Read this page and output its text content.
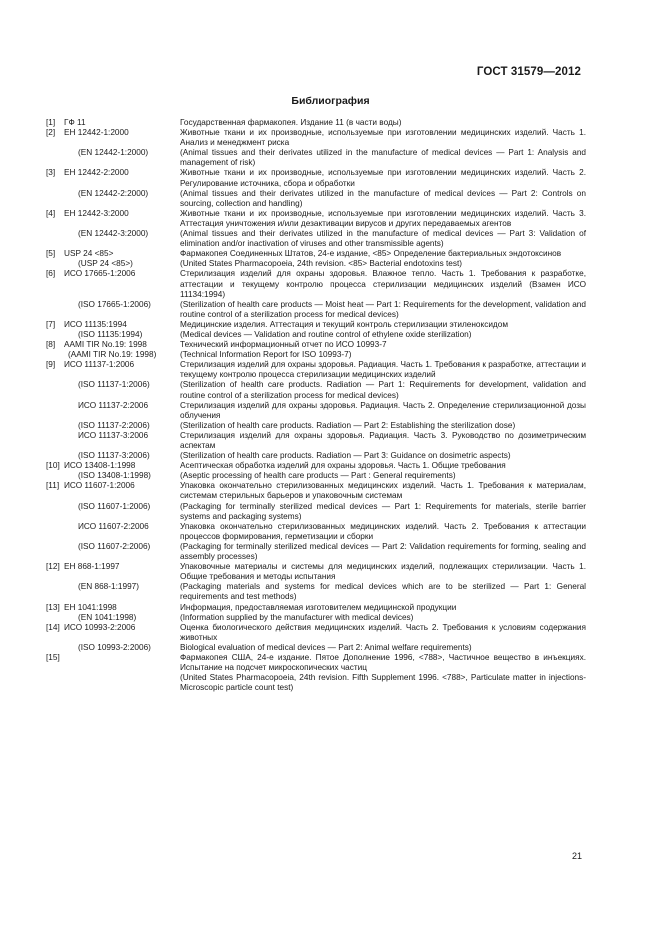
ГОСТ 31579—2012
Библиография
[1]	ГФ 11	Государственная фармакопея. Издание 11 (в части воды)
[2]	ЕН 12442-1:2000	Животные ткани и их производные, используемые при изготовлении медицинских изделий. Часть 1. Анализ и менеджмент риска
(EN 12442-1:2000)	(Animal tissues and their derivates utilized in the manufacture of medical devices — Part 1: Analysis and management of risk)
[3]	ЕН 12442-2:2000	Животные ткани и их производные, используемые при изготовлении медицинских изделий. Часть 2. Регулирование источника, сбора и обработки
(EN 12442-2:2000)	(Animal tissues and their derivates utilized in the manufacture of medical devices — Part 2: Controls on sourcing, collection and handling)
[4]	ЕН 12442-3:2000	Животные ткани и их производные, используемые при изготовлении медицинских изделий. Часть 3. Аттестация уничтожения и/или дезактивации вирусов и других передаваемых агентов
(EN 12442-3:2000)	(Animal tissues and their derivates utilized in the manufacture of medical devices — Part 3: Validation of elimination and/or inactivation of viruses and other transmissible agents)
[5]	USP 24 <85>	Фармакопея Соединенных Штатов, 24-е издание, <85> Определение бактериальных эндотоксинов
(USP 24 <85>)	(United States Pharmacopoeia, 24th revision. <85> Bacterial endotoxins test)
[6]	ИСО 17665-1:2006	Стерилизация изделий для охраны здоровья. Влажное тепло. Часть 1. Требования к разработке, аттестации и текущему контролю процесса стерилизации медицинских изделий (Взамен ИСО 11134:1994)
(ISO 17665-1:2006)	(Sterilization of health care products — Moist heat — Part 1: Requirements for the development, validation and routine control of a sterilization process for medical devices)
[7]	ИСО 11135:1994	Медицинские изделия. Аттестация и текущий контроль стерилизации этиленоксидом
(ISO 11135:1994)	(Medical devices — Validation and routine control of ethylene oxide sterilization)
[8]	AAMI TIR No.19: 1998	Технический информационный отчет по ИСО 10993-7
(AAMI TIR No.19: 1998)	(Technical Information Report for ISO 10993-7)
[9]	ИСО 11137-1:2006	Стерилизация изделий для охраны здоровья. Радиация. Часть 1. Требования к разработке, аттестации и текущему контролю процесса стерилизации медицинских изделий
(ISO 11137-1:2006)	(Sterilization of health care products. Radiation — Part 1: Requirements for development, validation and routine control of a sterilization process for medical devices)
ИСО 11137-2:2006	Стерилизация изделий для охраны здоровья. Радиация. Часть 2. Определение стерилизационной дозы облучения
(ISO 11137-2:2006)	(Sterilization of health care products. Radiation — Part 2: Establishing the sterilization dose)
ИСО 11137-3:2006	Стерилизация изделий для охраны здоровья. Радиация. Часть 3. Руководство по дозиметрическим аспектам
(ISO 11137-3:2006)	(Sterilization of health care products. Radiation — Part 3: Guidance on dosimetric aspects)
[10] ИСО 13408-1:1998	Асептическая обработка изделий для охраны здоровья. Часть 1. Общие требования
(ISO 13408-1:1998)	(Aseptic processing of health care products — Part : General requirements)
[11] ИСО 11607-1:2006	Упаковка окончательно стерилизованных медицинских изделий. Часть 1. Требования к материалам, системам стерильных барьеров и упаковочным системам
(ISO 11607-1:2006)	(Packaging for terminally sterilized medical devices — Part 1: Requirements for materials, sterile barrier systems and packaging systems)
ИСО 11607-2:2006	Упаковка окончательно стерилизованных медицинских изделий. Часть 2. Требования к аттестации процессов формирования, герметизации и сборки
(ISO 11607-2:2006)	(Packaging for terminally sterilized medical devices — Part 2: Validation requirements for forming, sealing and assembly processes)
[12] ЕН 868-1:1997	Упаковочные материалы и системы для медицинских изделий, подлежащих стерилизации. Часть 1. Общие требования и методы испытания
(EN 868-1:1997)	(Packaging materials and systems for medical devices which are to be sterilized — Part 1: General requirements and test methods)
[13] ЕН 1041:1998	Информация, предоставляемая изготовителем медицинской продукции
(EN 1041:1998)	(Information supplied by the manufacturer with medical devices)
[14] ИСО 10993-2:2006	Оценка биологического действия медицинских изделий. Часть 2. Требования к условиям содержания животных
(ISO 10993-2:2006)	Biological evaluation of medical devices — Part 2: Animal welfare requirements)
[15]	Фармакопея США, 24-е издание. Пятое Дополнение 1996, <788>, Частичное вещество в инъекциях. Испытание на подсчет микроскопических частиц
(United States Pharmacopoeia, 24th revision. Fifth Supplement 1996. <788>, Particulate matter in injections-Microscopic particle count test)
21
